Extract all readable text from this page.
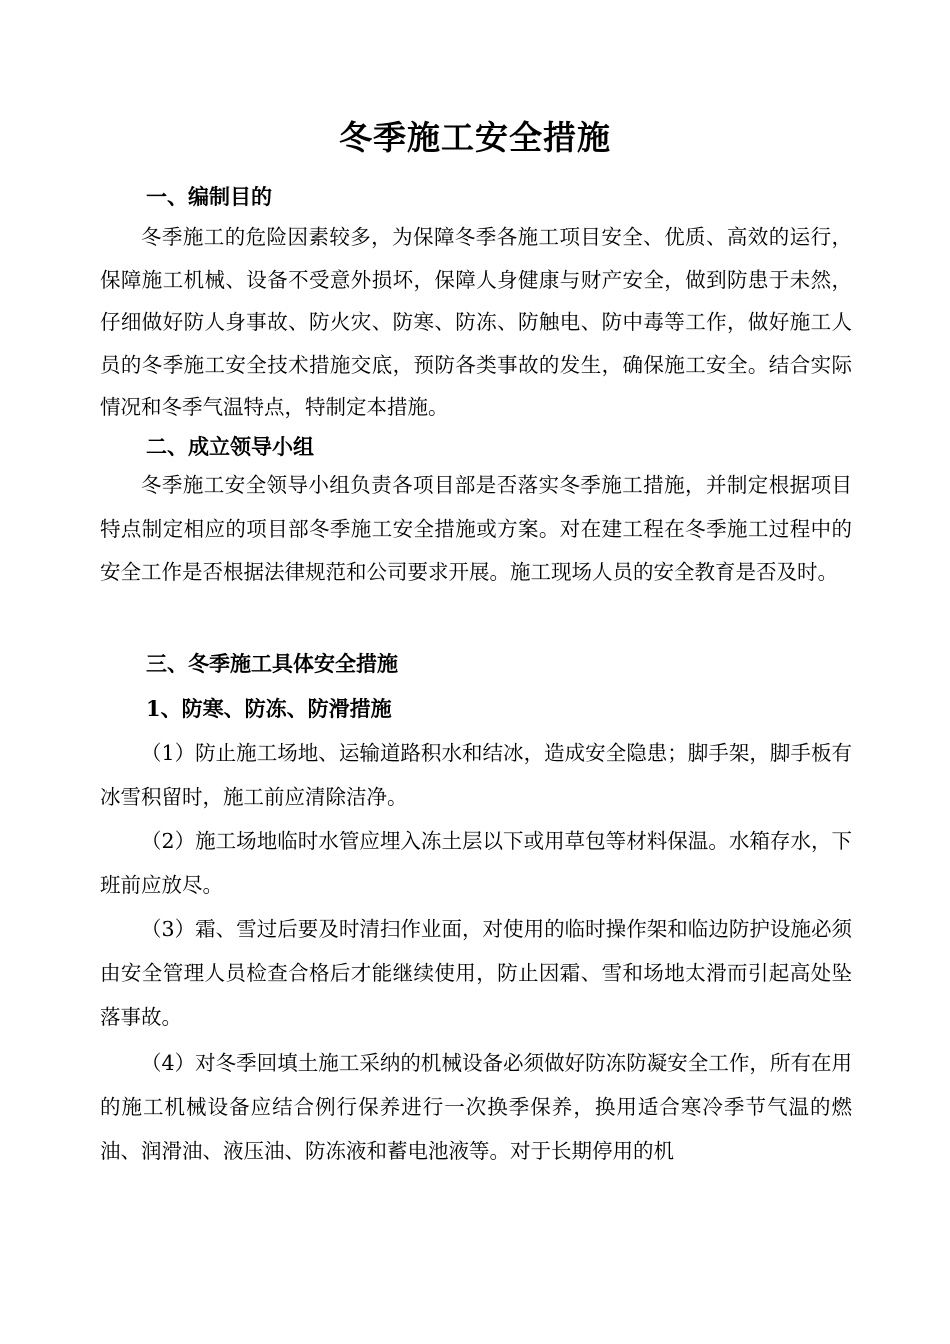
冬季施工安全措施
一、编制目的

冬季施工的危险因素较多，为保障冬季各施工项目安全、优质、高效的运行，保障施工机械、设备不受意外损坏，保障人身健康与财产安全，做到防患于未然，仔细做好防人身事故、防火灾、防寒、防冻、防触电、防中毒等工作，做好施工人员的冬季施工安全技术措施交底，预防各类事故的发生，确保施工安全。结合实际情况和冬季气温特点，特制定本措施。

二、成立领导小组

冬季施工安全领导小组负责各项目部是否落实冬季施工措施，并制定根据项目特点制定相应的项目部冬季施工安全措施或方案。对在建工程在冬季施工过程中的安全工作是否根据法律规范和公司要求开展。施工现场人员的安全教育是否及时。

三、冬季施工具体安全措施
1、防寒、防冻、防滑措施

（1）防止施工场地、运输道路积水和结冰，造成安全隐患；脚手架，脚手板有冰雪积留时，施工前应清除洁净。

（2）施工场地临时水管应埋入冻土层以下或用草包等材料保温。水箱存水，下班前应放尽。

（3）霜、雪过后要及时清扫作业面，对使用的临时操作架和临边防护设施必须由安全管理人员检查合格后才能继续使用，防止因霜、雪和场地太滑而引起高处坠落事故。

（4）对冬季回填土施工采纳的机械设备必须做好防冻防凝安全工作，所有在用的施工机械设备应结合例行保养进行一次换季保养，换用适合寒冷季节气温的燃油、润滑油、液压油、防冻液和蓄电池液等。对于长期停用的机
